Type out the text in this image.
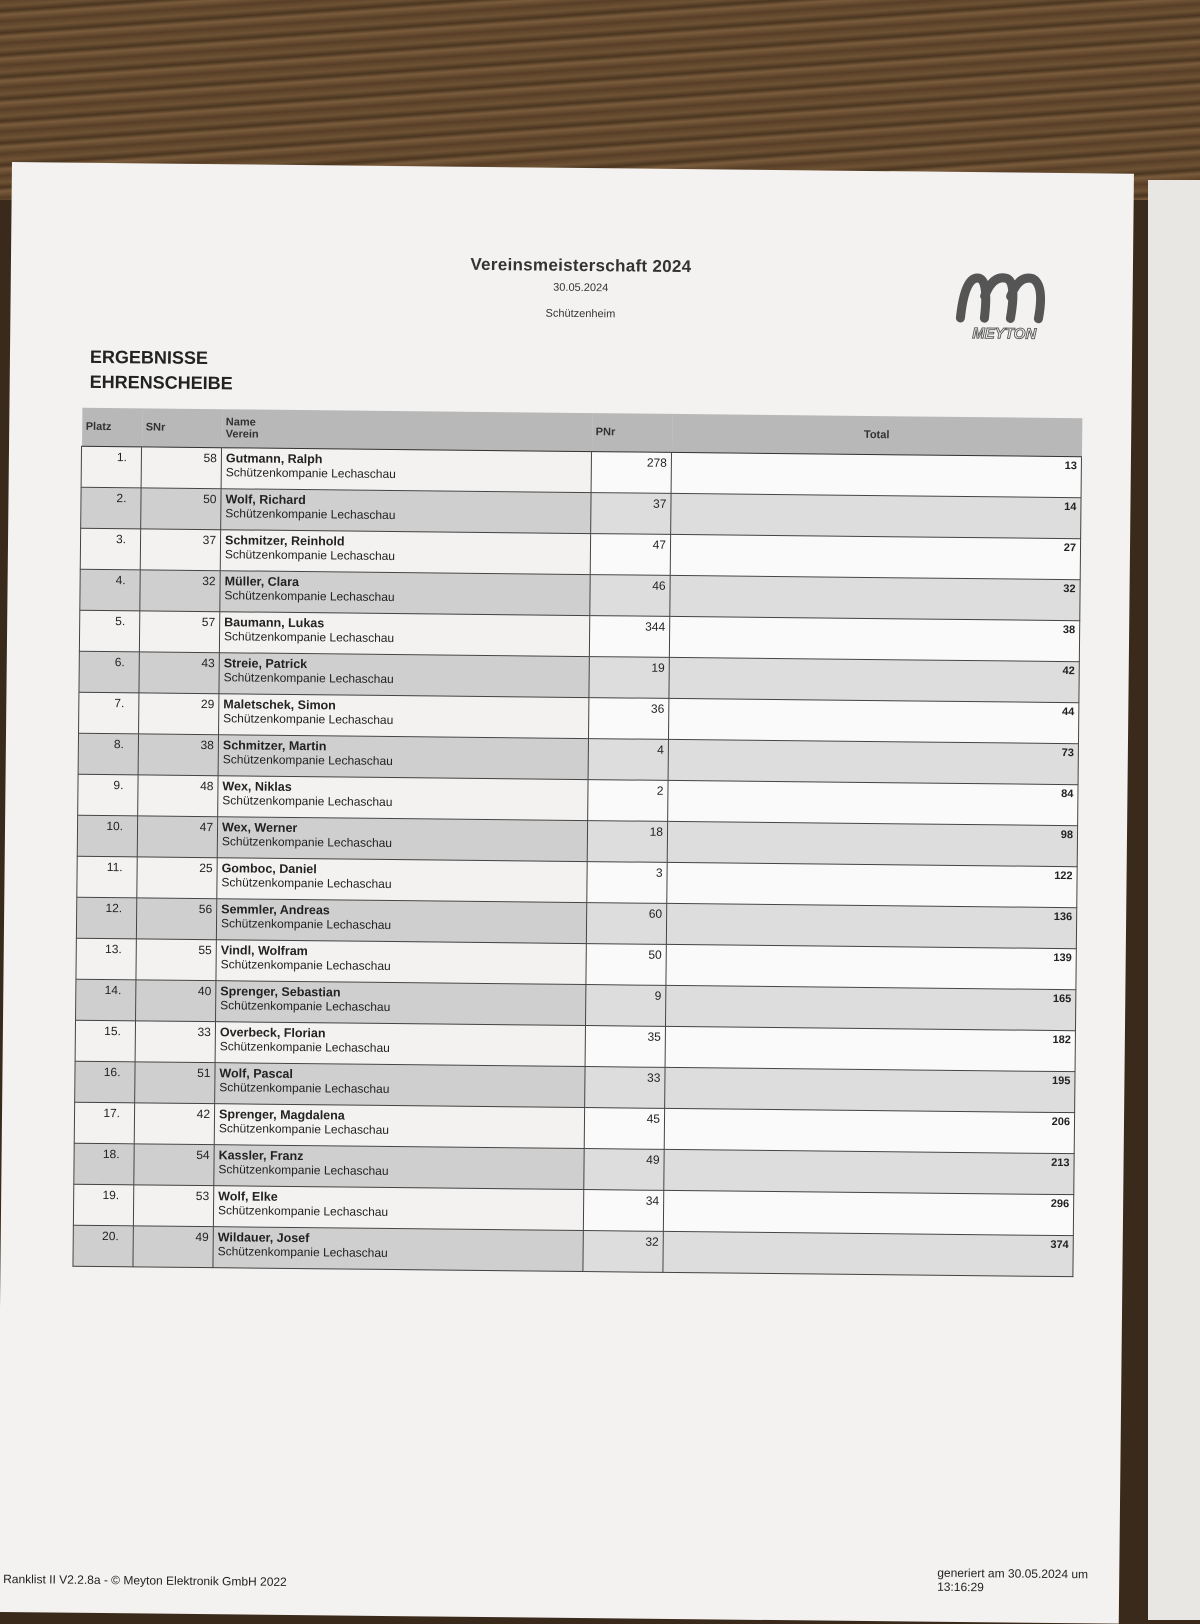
Vereinsmeisterschaft 2024
30.05.2024
Schützenheim
MEYTON
ERGEBNISSE
EHRENSCHEIBE
Platz	SNr	Name
Verein	PNr	Total
1.	58	Gutmann, Ralph
Schützenkompanie Lechaschau	278	13
2.	50	Wolf, Richard
Schützenkompanie Lechaschau	37	14
3.	37	Schmitzer, Reinhold
Schützenkompanie Lechaschau	47	27
4.	32	Müller, Clara
Schützenkompanie Lechaschau	46	32
5.	57	Baumann, Lukas
Schützenkompanie Lechaschau	344	38
6.	43	Streie, Patrick
Schützenkompanie Lechaschau	19	42
7.	29	Maletschek, Simon
Schützenkompanie Lechaschau	36	44
8.	38	Schmitzer, Martin
Schützenkompanie Lechaschau	4	73
9.	48	Wex, Niklas
Schützenkompanie Lechaschau	2	84
10.	47	Wex, Werner
Schützenkompanie Lechaschau	18	98
11.	25	Gomboc, Daniel
Schützenkompanie Lechaschau	3	122
12.	56	Semmler, Andreas
Schützenkompanie Lechaschau	60	136
13.	55	Vindl, Wolfram
Schützenkompanie Lechaschau	50	139
14.	40	Sprenger, Sebastian
Schützenkompanie Lechaschau	9	165
15.	33	Overbeck, Florian
Schützenkompanie Lechaschau	35	182
16.	51	Wolf, Pascal
Schützenkompanie Lechaschau	33	195
17.	42	Sprenger, Magdalena
Schützenkompanie Lechaschau	45	206
18.	54	Kassler, Franz
Schützenkompanie Lechaschau	49	213
19.	53	Wolf, Elke
Schützenkompanie Lechaschau	34	296
20.	49	Wildauer, Josef
Schützenkompanie Lechaschau	32	374
Ranklist II V2.2.8a - © Meyton Elektronik GmbH 2022	generiert am 30.05.2024 um 13:16:29
